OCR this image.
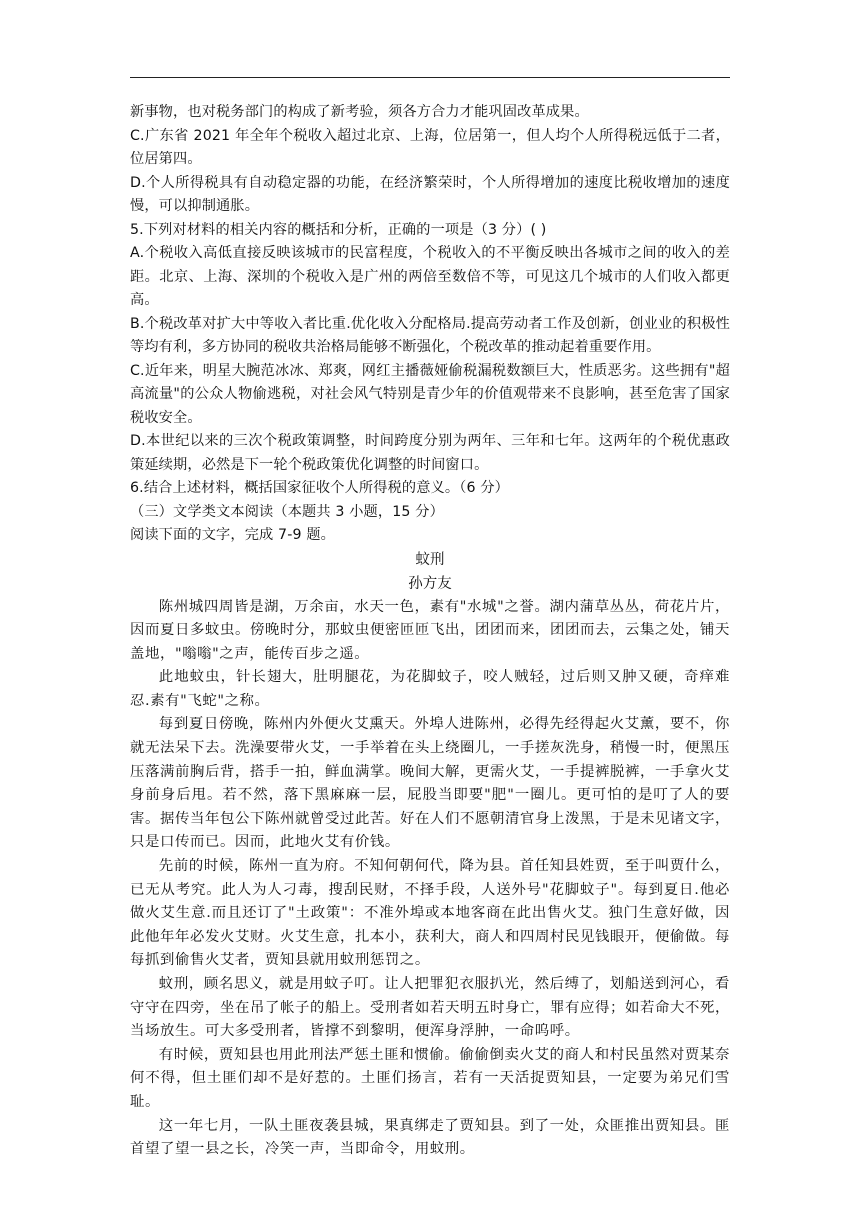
新事物，也对税务部门的构成了新考验，须各方合力才能巩固改革成果。

C.广东省 2021 年全年个税收入超过北京、上海，位居第一，但人均个人所得税远低于二者，位居第四。

D.个人所得税具有自动稳定器的功能，在经济繁荣时，个人所得增加的速度比税收增加的速度慢，可以抑制通胀。

5.下列对材料的相关内容的概括和分析，正确的一项是（3 分）( )

A.个税收入高低直接反映该城市的民富程度，个税收入的不平衡反映出各城市之间的收入的差距。北京、上海、深圳的个税收入是广州的两倍至数倍不等，可见这几个城市的人们收入都更高。

B.个税改革对扩大中等收入者比重.优化收入分配格局.提高劳动者工作及创新，创业业的积极性等均有利，多方协同的税收共治格局能够不断强化，个税改革的推动起着重要作用。

C.近年来，明星大腕范冰冰、郑爽，网红主播薇娅偷税漏税数额巨大，性质恶劣。这些拥有"超高流量"的公众人物偷逃税，对社会风气特别是青少年的价值观带来不良影响，甚至危害了国家税收安全。

D.本世纪以来的三次个税政策调整，时间跨度分别为两年、三年和七年。这两年的个税优惠政策延续期，必然是下一轮个税政策优化调整的时间窗口。

6.结合上述材料，概括国家征收个人所得税的意义。（6 分）

（三）文学类文本阅读（本题共 3 小题，15 分）

阅读下面的文字，完成 7-9 题。

蚊刑

孙方友

陈州城四周皆是湖，万余亩，水天一色，素有"水城"之誉。湖内蒲草丛丛，荷花片片，因而夏日多蚊虫。傍晚时分，那蚊虫便密匝匝飞出，团团而来，团团而去，云集之处，铺天盖地，"嗡嗡"之声，能传百步之遥。

此地蚊虫，针长翅大，肚明腿花，为花脚蚊子，咬人贼轻，过后则又肿又硬，奇痒难忍.素有"飞蛇"之称。

每到夏日傍晚，陈州内外便火艾熏天。外埠人进陈州，必得先经得起火艾薰，要不，你就无法呆下去。洗澡要带火艾，一手举着在头上绕圈儿，一手搓灰洗身，稍慢一时，便黑压压落满前胸后背，搭手一拍，鲜血满掌。晚间大解，更需火艾，一手提裤脱裤，一手拿火艾身前身后甩。若不然，落下黑麻麻一层，屁股当即要"肥"一圈儿。更可怕的是叮了人的要害。据传当年包公下陈州就曾受过此苦。好在人们不愿朝清官身上泼黑，于是未见诸文字，只是口传而已。因而，此地火艾有价钱。

先前的时候，陈州一直为府。不知何朝何代，降为县。首任知县姓贾，至于叫贾什么，已无从考究。此人为人刁毒，搜刮民财，不择手段，人送外号"花脚蚊子"。每到夏日.他必做火艾生意.而且还订了"土政策"：不准外埠或本地客商在此出售火艾。独门生意好做，因此他年年必发火艾财。火艾生意，扎本小，获利大，商人和四周村民见钱眼开，便偷做。每每抓到偷售火艾者，贾知县就用蚊刑惩罚之。

蚊刑，顾名思义，就是用蚊子叮。让人把罪犯衣服扒光，然后缚了，划船送到河心，看守守在四旁，坐在吊了帐子的船上。受刑者如若天明五时身亡，罪有应得；如若命大不死，当场放生。可大多受刑者，皆撑不到黎明，便浑身浮肿，一命呜呼。

有时候，贾知县也用此刑法严惩土匪和惯偷。偷偷倒卖火艾的商人和村民虽然对贾某奈何不得，但土匪们却不是好惹的。土匪们扬言，若有一天活捉贾知县，一定要为弟兄们雪耻。

这一年七月，一队土匪夜袭县城，果真绑走了贾知县。到了一处，众匪推出贾知县。匪首望了望一县之长，冷笑一声，当即命令，用蚊刑。
